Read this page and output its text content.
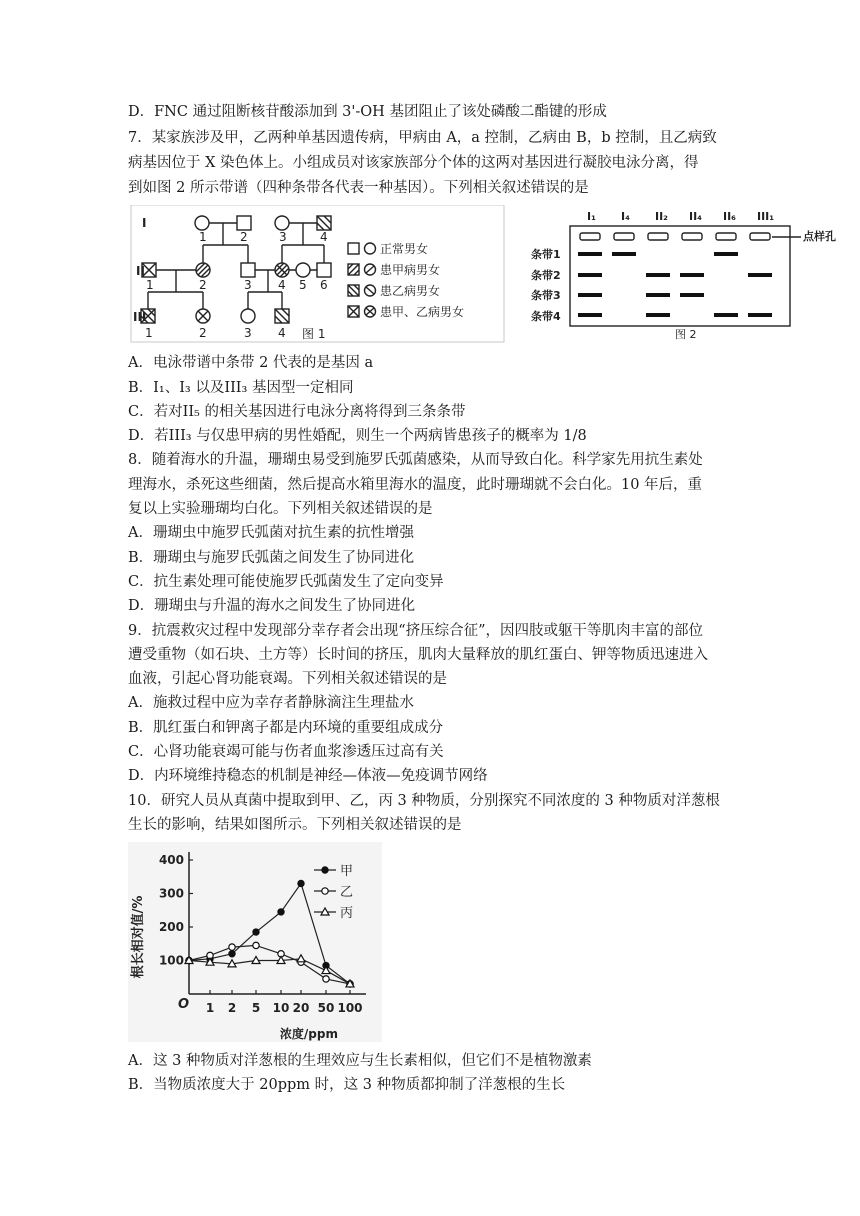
D．FNC 通过阻断核苷酸添加到 3'-OH 基团阻止了该处磷酸二酯键的形成
7．某家族涉及甲，乙两种单基因遗传病，甲病由 A，a 控制，乙病由 B，b 控制，且乙病致
病基因位于 X 染色体上。小组成员对该家族部分个体的这两对基因进行凝胶电泳分离，得
到如图 2 所示带谱（四种条带各代表一种基因）。下列相关叙述错误的是
I
II
III
1	2	3	4
1	2	3 4 5 6
1	2	3 4
正常男女
患甲病男女
患乙病男女
患甲、乙病男女
图 1
I₁ I₄ II₂ II₄ II₆ III₁
条带1
条带2
条带3
条带4
点样孔
图 2
A．电泳带谱中条带 2 代表的是基因 a
B．I₁、I₃ 以及III₃ 基因型一定相同
C．若对II₅ 的相关基因进行电泳分离将得到三条条带
D．若III₃ 与仅患甲病的男性婚配，则生一个两病皆患孩子的概率为 1/8
8．随着海水的升温，珊瑚虫易受到施罗氏弧菌感染，从而导致白化。科学家先用抗生素处
理海水，杀死这些细菌，然后提高水箱里海水的温度，此时珊瑚就不会白化。10 年后，重
复以上实验珊瑚均白化。下列相关叙述错误的是
A．珊瑚虫中施罗氏弧菌对抗生素的抗性增强
B．珊瑚虫与施罗氏弧菌之间发生了协同进化
C．抗生素处理可能使施罗氏弧菌发生了定向变异
D．珊瑚虫与升温的海水之间发生了协同进化
9．抗震救灾过程中发现部分幸存者会出现“挤压综合征”，因四肢或躯干等肌肉丰富的部位
遭受重物（如石块、土方等）长时间的挤压，肌肉大量释放的肌红蛋白、钾等物质迅速进入
血液，引起心肾功能衰竭。下列相关叙述错误的是
A．施救过程中应为幸存者静脉滴注生理盐水
B．肌红蛋白和钾离子都是内环境的重要组成成分
C．心肾功能衰竭可能与伤者血浆渗透压过高有关
D．内环境维持稳态的机制是神经—体液—免疫调节网络
10．研究人员从真菌中提取到甲、乙，丙 3 种物质，分别探究不同浓度的 3 种物质对洋葱根
生长的影响，结果如图所示。下列相关叙述错误的是
根长相对值/%
浓度/ppm
O
100
200
300
400
1 2 5 10 20 50 100
甲
乙
丙
A．这 3 种物质对洋葱根的生理效应与生长素相似，但它们不是植物激素
B．当物质浓度大于 20ppm 时，这 3 种物质都抑制了洋葱根的生长
